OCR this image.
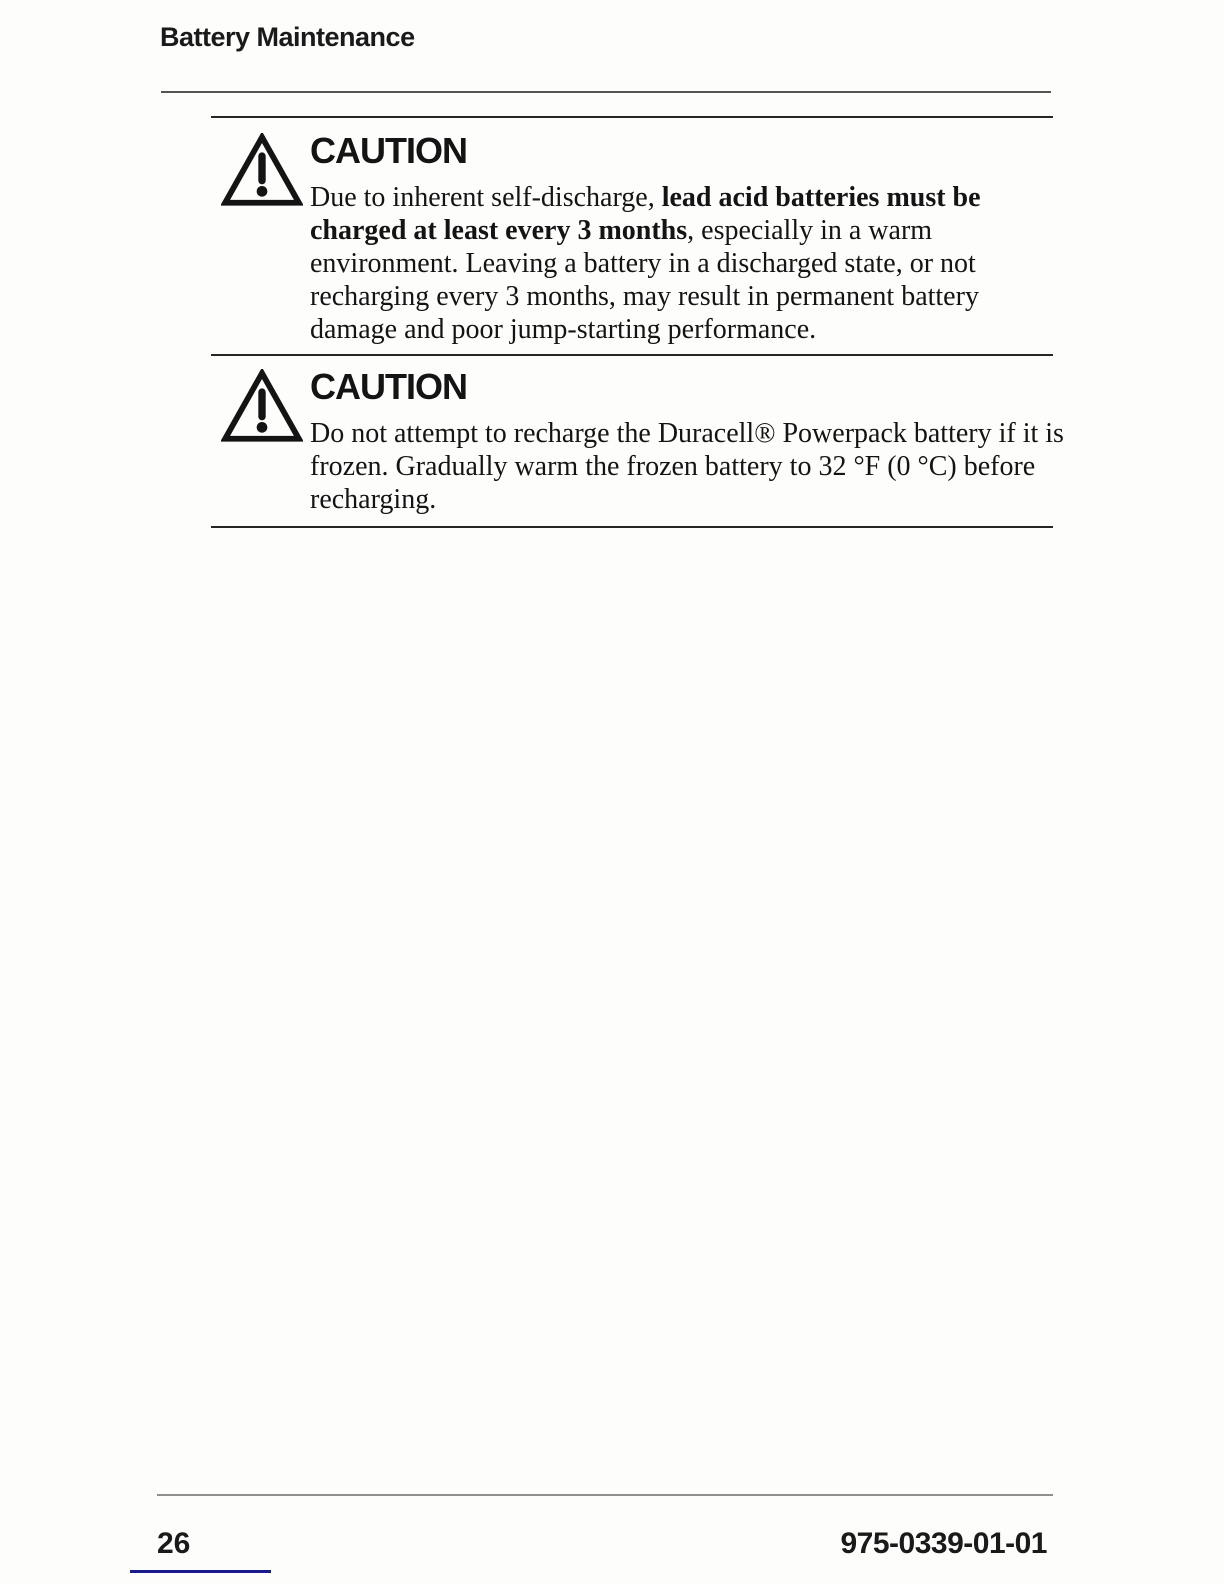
Battery Maintenance
CAUTION

Due to inherent self-discharge, lead acid batteries must be
charged at least every 3 months, especially in a warm
environment. Leaving a battery in a discharged state, or not
recharging every 3 months, may result in permanent battery
damage and poor jump-starting performance.

CAUTION

Do not attempt to recharge the Duracell® Powerpack battery if it is
frozen. Gradually warm the frozen battery to 32 °F (0 °C) before
recharging.

26	975-0339-01-01
